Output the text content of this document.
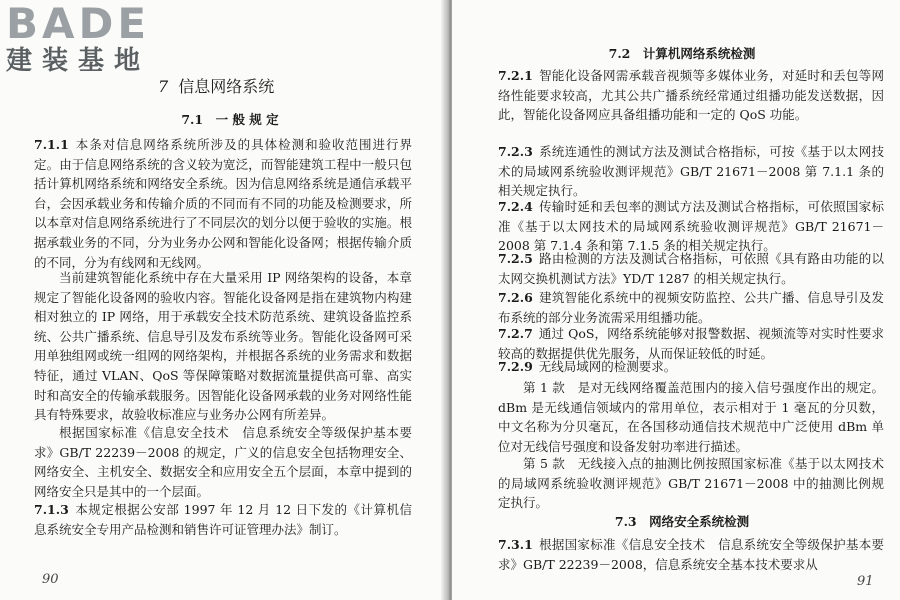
BADE
建装基地
7 信息网络系统
7.1　一 般 规 定
7.1.1 本条对信息网络系统所涉及的具体检测和验收范围进行界定。由于信息网络系统的含义较为宽泛，而智能建筑工程中一般只包括计算机网络系统和网络安全系统。因为信息网络系统是通信承载平台，会因承载业务和传输介质的不同而有不同的功能及检测要求，所以本章对信息网络系统进行了不同层次的划分以便于验收的实施。根据承载业务的不同，分为业务办公网和智能化设备网；根据传输介质的不同，分为有线网和无线网。
当前建筑智能化系统中存在大量采用 IP 网络架构的设备，本章规定了智能化设备网的验收内容。智能化设备网是指在建筑物内构建相对独立的 IP 网络，用于承载安全技术防范系统、建筑设备监控系统、公共广播系统、信息导引及发布系统等业务。智能化设备网可采用单独组网或统一组网的网络架构，并根据各系统的业务需求和数据特征，通过 VLAN、QoS 等保障策略对数据流量提供高可靠、高实时和高安全的传输承载服务。因智能化设备网承载的业务对网络性能具有特殊要求，故验收标准应与业务办公网有所差异。
根据国家标准《信息安全技术　信息系统安全等级保护基本要求》GB/T 22239－2008 的规定，广义的信息安全包括物理安全、网络安全、主机安全、数据安全和应用安全五个层面，本章中提到的网络安全只是其中的一个层面。
7.1.3 本规定根据公安部 1997 年 12 月 12 日下发的《计算机信息系统安全专用产品检测和销售许可证管理办法》制订。
90
7.2　计算机网络系统检测
7.2.1 智能化设备网需承载音视频等多媒体业务，对延时和丢包等网络性能要求较高，尤其公共广播系统经常通过组播功能发送数据，因此，智能化设备网应具备组播功能和一定的 QoS 功能。
7.2.3 系统连通性的测试方法及测试合格指标，可按《基于以太网技术的局域网系统验收测评规范》GB/T 21671－2008 第 7.1.1 条的相关规定执行。
7.2.4 传输时延和丢包率的测试方法及测试合格指标，可依照国家标准《基于以太网技术的局域网系统验收测评规范》GB/T 21671－2008 第 7.1.4 条和第 7.1.5 条的相关规定执行。
7.2.5 路由检测的方法及测试合格指标，可依照《具有路由功能的以太网交换机测试方法》YD/T 1287 的相关规定执行。
7.2.6 建筑智能化系统中的视频安防监控、公共广播、信息导引及发布系统的部分业务流需采用组播功能。
7.2.7 通过 QoS，网络系统能够对报警数据、视频流等对实时性要求较高的数据提供优先服务，从而保证较低的时延。
7.2.9 无线局域网的检测要求。
第 1 款　是对无线网络覆盖范围内的接入信号强度作出的规定。dBm 是无线通信领域内的常用单位，表示相对于 1 毫瓦的分贝数，中文名称为分贝毫瓦，在各国移动通信技术规范中广泛使用 dBm 单位对无线信号强度和设备发射功率进行描述。
第 5 款　无线接入点的抽测比例按照国家标准《基于以太网技术的局域网系统验收测评规范》GB/T 21671－2008 中的抽测比例规定执行。
7.3　网络安全系统检测
7.3.1 根据国家标准《信息安全技术　信息系统安全等级保护基本要求》GB/T 22239－2008，信息系统安全基本技术要求从
91
